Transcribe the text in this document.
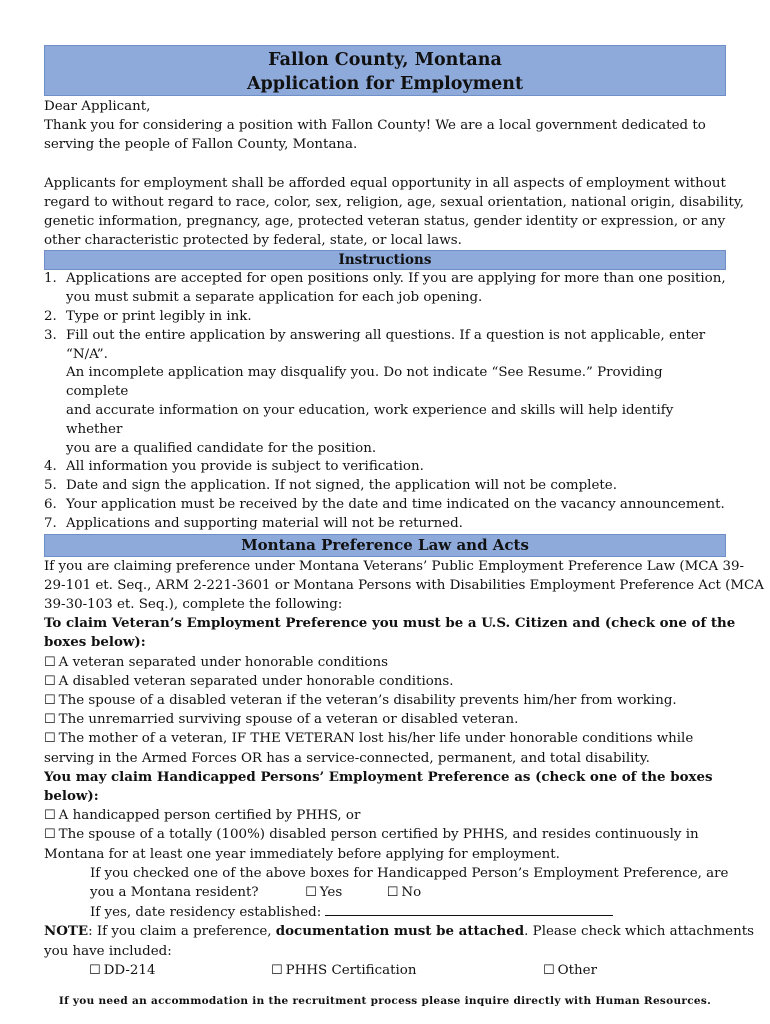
Fallon County, Montana
Application for Employment
Dear Applicant,
Thank you for considering a position with Fallon County! We are a local government dedicated to
serving the people of Fallon County, Montana.
Applicants for employment shall be afforded equal opportunity in all aspects of employment without
regard to without regard to race, color, sex, religion, age, sexual orientation, national origin, disability,
genetic information, pregnancy, age, protected veteran status, gender identity or expression, or any
other characteristic protected by federal, state, or local laws.
Instructions
1. Applications are accepted for open positions only. If you are applying for more than one position,
you must submit a separate application for each job opening.
2. Type or print legibly in ink.
3. Fill out the entire application by answering all questions. If a question is not applicable, enter “N/A”.
An incomplete application may disqualify you. Do not indicate “See Resume.” Providing complete
and accurate information on your education, work experience and skills will help identify whether
you are a qualified candidate for the position.
4. All information you provide is subject to verification.
5. Date and sign the application. If not signed, the application will not be complete.
6. Your application must be received by the date and time indicated on the vacancy announcement.
7. Applications and supporting material will not be returned.
Montana Preference Law and Acts
If you are claiming preference under Montana Veterans’ Public Employment Preference Law (MCA 39-
29-101 et. Seq., ARM 2-221-3601 or Montana Persons with Disabilities Employment Preference Act (MCA
39-30-103 et. Seq.), complete the following:
To claim Veteran’s Employment Preference you must be a U.S. Citizen and (check one of the
boxes below):
☐ A veteran separated under honorable conditions
☐ A disabled veteran separated under honorable conditions.
☐ The spouse of a disabled veteran if the veteran’s disability prevents him/her from working.
☐ The unremarried surviving spouse of a veteran or disabled veteran.
☐ The mother of a veteran, IF THE VETERAN lost his/her life under honorable conditions while
serving in the Armed Forces OR has a service-connected, permanent, and total disability.
You may claim Handicapped Persons’ Employment Preference as (check one of the boxes
below):
☐ A handicapped person certified by PHHS, or
☐ The spouse of a totally (100%) disabled person certified by PHHS, and resides continuously in
Montana for at least one year immediately before applying for employment.
If you checked one of the above boxes for Handicapped Person’s Employment Preference, are
you a Montana resident?	☐ Yes	☐ No
If yes, date residency established:
NOTE: If you claim a preference, documentation must be attached. Please check which attachments
you have included:
☐ DD-214	☐ PHHS Certification	☐ Other
If you need an accommodation in the recruitment process please inquire directly with Human Resources.
